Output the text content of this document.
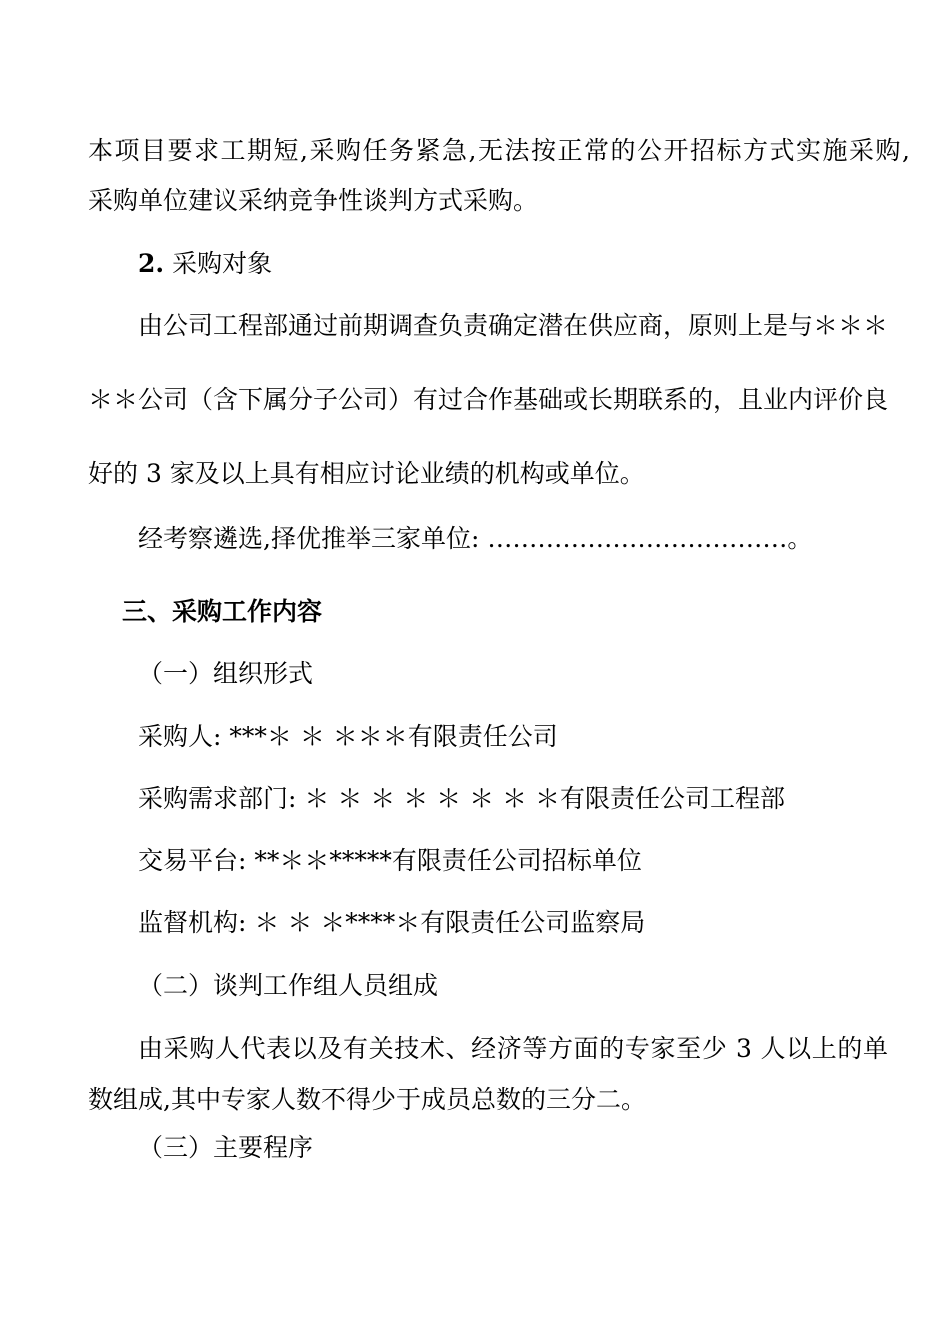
本项目要求工期短,采购任务紧急,无法按正常的公开招标方式实施采购,

采购单位建议采纳竞争性谈判方式采购。

2. 采购对象

由公司工程部通过前期调查负责确定潜在供应商，原则上是与＊＊＊

＊＊公司（含下属分子公司）有过合作基础或长期联系的，且业内评价良

好的 3 家及以上具有相应讨论业绩的机构或单位。

经考察遴选,择优推举三家单位: ………………………………。

三、采购工作内容

（一）组织形式

采购人: ***＊ ＊ ＊＊＊有限责任公司

采购需求部门: ＊ ＊ ＊ ＊ ＊ ＊ ＊ ＊有限责任公司工程部

交易平台: **＊＊*****有限责任公司招标单位

监督机构: ＊ ＊ ＊****＊有限责任公司监察局

（二）谈判工作组人员组成

由采购人代表以及有关技术、经济等方面的专家至少 3 人以上的单

数组成,其中专家人数不得少于成员总数的三分二。

（三）主要程序
